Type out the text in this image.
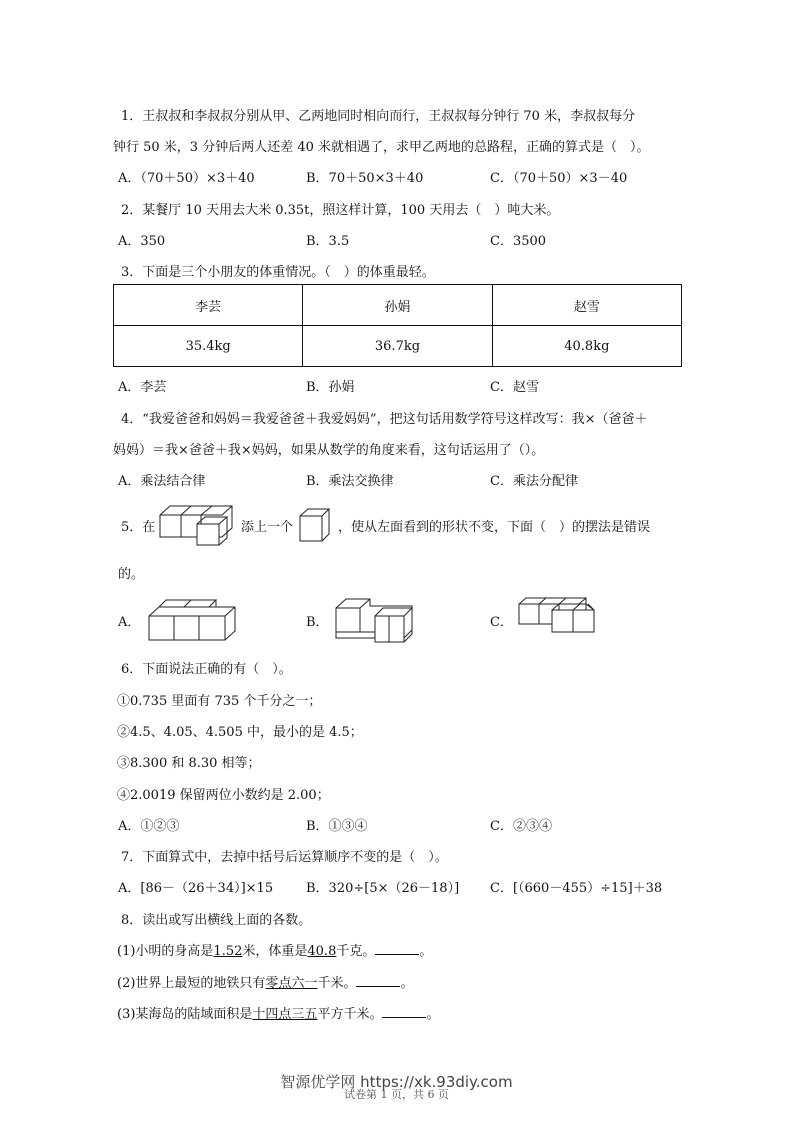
1．王叔叔和李叔叔分别从甲、乙两地同时相向而行，王叔叔每分钟行 70 米，李叔叔每分
钟行 50 米，3 分钟后两人还差 40 米就相遇了，求甲乙两地的总路程，正确的算式是（　）。
A．（70＋50）×3＋40	B．70＋50×3＋40	C．（70＋50）×3－40
2．某餐厅 10 天用去大米 0.35t，照这样计算，100 天用去（　）吨大米。
A．350	B．3.5	C．3500
3．下面是三个小朋友的体重情况。（　）的体重最轻。
李芸	孙娟	赵雪
35.4kg	36.7kg	40.8kg
A．李芸	B．孙娟	C．赵雪
4．“我爱爸爸和妈妈＝我爱爸爸＋我爱妈妈”，把这句话用数学符号这样改写：我×（爸爸＋
妈妈）＝我×爸爸＋我×妈妈，如果从数学的角度来看，这句话运用了（）。
A．乘法结合律	B．乘法交换律	C．乘法分配律
5．在	添上一个	，使从左面看到的形状不变，下面（　）的摆法是错误
的。
A．	B．	C．
6．下面说法正确的有（　）。
①0.735 里面有 735 个千分之一；
②4.5、4.05、4.505 中，最小的是 4.5；
③8.300 和 8.30 相等；
④2.0019 保留两位小数约是 2.00；
A．①②③	B．①③④	C．②③④
7．下面算式中，去掉中括号后运算顺序不变的是（　）。
A．[86－（26＋34）]×15	B．320÷[5×（26－18）] C．[（660－455）÷15]＋38
8．读出或写出横线上面的各数。
(1)小明的身高是1.52米，体重是40.8千克。	。
(2)世界上最短的地铁只有零点六一千米。	。
(3)某海岛的陆域面积是十四点三五平方千米。	。
智源优学网 https://xk.93diy.com
试卷第 1 页，共 6 页
